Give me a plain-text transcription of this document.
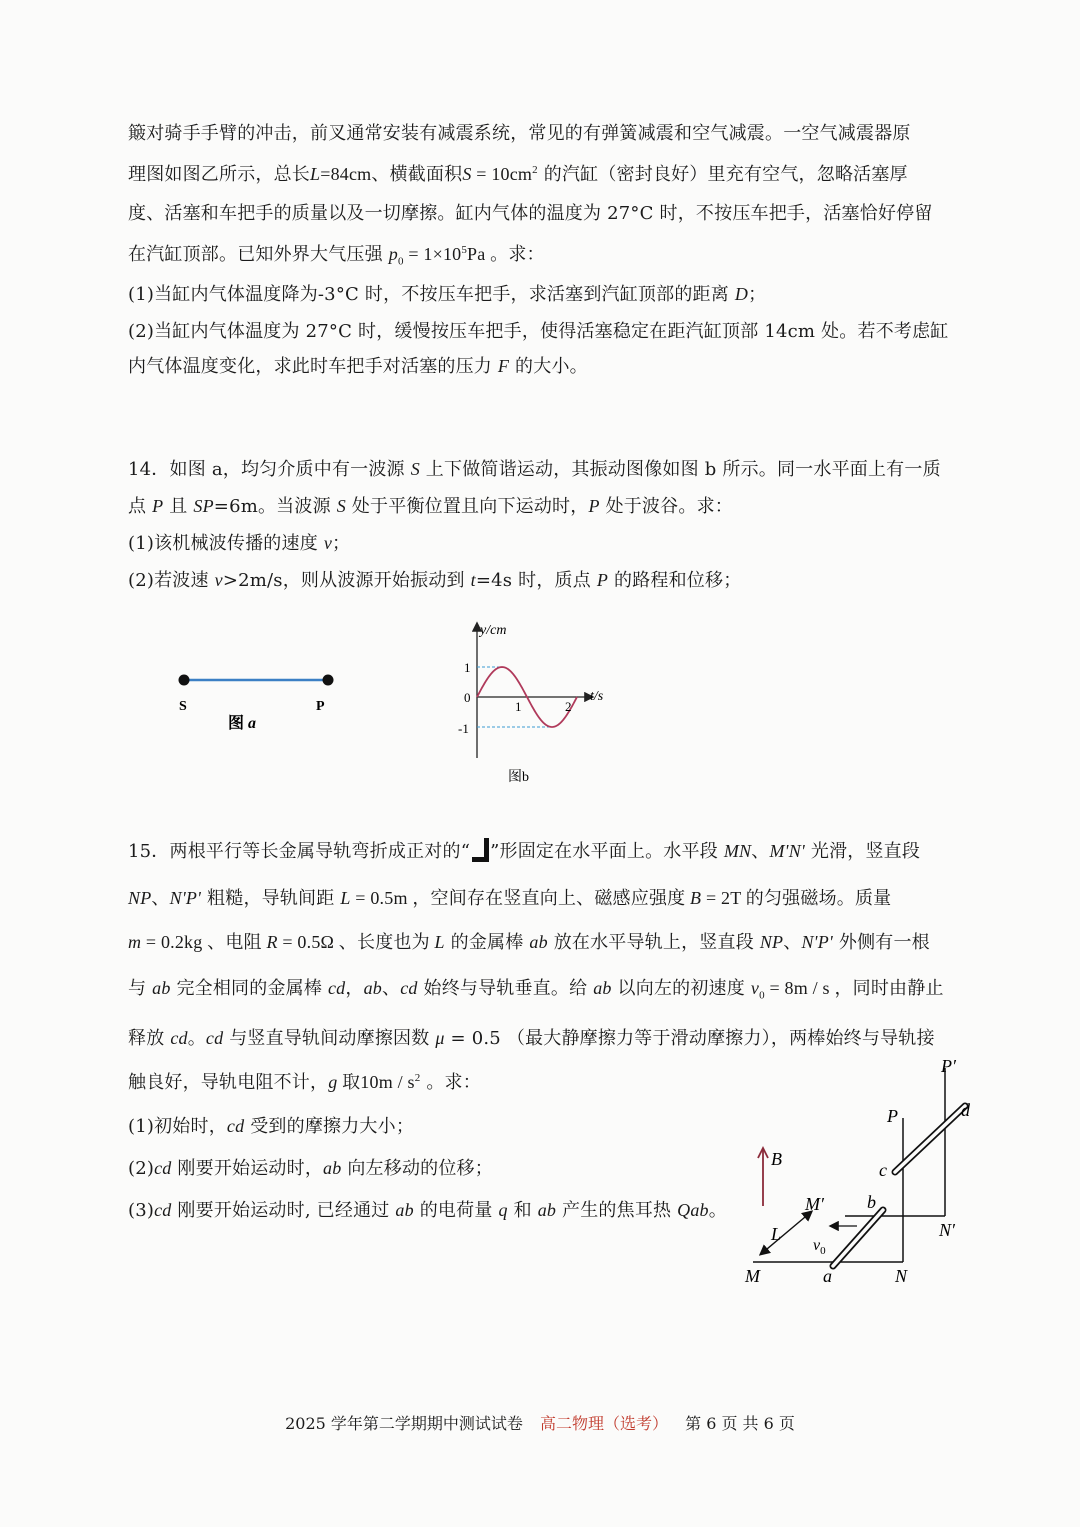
簸对骑手手臂的冲击，前叉通常安装有减震系统，常见的有弹簧减震和空气减震。一空气减震器原
理图如图乙所示，总长L=84cm、横截面积$S = 10cm^2$ 的汽缸（密封良好）里充有空气，忽略活塞厚
度、活塞和车把手的质量以及一切摩擦。缸内气体的温度为 27°C 时，不按压车把手，活塞恰好停留
在汽缸顶部。已知外界大气压强 $p_0 = 1\times 10^5Pa$ 。求：
(1)当缸内气体温度降为-3°C 时，不按压车把手，求活塞到汽缸顶部的距离 D；
(2)当缸内气体温度为 27°C 时，缓慢按压车把手，使得活塞稳定在距汽缸顶部 14cm 处。若不考虑缸
内气体温度变化，求此时车把手对活塞的压力 F 的大小。
14．如图 a，均匀介质中有一波源 S 上下做简谐运动，其振动图像如图 b 所示。同一水平面上有一质
点 P 且 SP=6m。当波源 S 处于平衡位置且向下运动时，P 处于波谷。求：
(1)该机械波传播的速度 v；
(2)若波速 v>2m/s，则从波源开始振动到 t=4s 时，质点 P 的路程和位移；
S	P
图 a
y/cm
t/s
1
0
-1
1	2
图b
15．两根平行等长金属导轨弯折成正对的“ ”形固定在水平面上。水平段 MN、M'N' 光滑，竖直段
NP、N'P' 粗糙，导轨间距 L = 0.5m ，空间存在竖直向上、磁感应强度 B = 2T 的匀强磁场。质量
m = 0.2kg 、电阻 R = 0.5Ω 、长度也为 L 的金属棒 ab 放在水平导轨上，竖直段 NP、N'P' 外侧有一根
与 ab 完全相同的金属棒 cd，ab、cd 始终与导轨垂直。给 ab 以向左的初速度 $v_0 = 8m / s$ ，同时由静止
释放 cd。cd 与竖直导轨间动摩擦因数 μ = 0.5 （最大静摩擦力等于滑动摩擦力），两棒始终与导轨接
触良好，导轨电阻不计，g 取$10m / s^2$ 。求：
(1)初始时，cd 受到的摩擦力大小；
(2)cd 刚要开始运动时，ab 向左移动的位移；
(3)cd 刚要开始运动时, 已经通过 ab 的电荷量 q 和 ab 产生的焦耳热 Qab。
P′
d
P
c
B
M′ b
N′
L
$v_0$
M	a	N
2025 学年第二学期期中测试试卷 高二物理（选考） 第 6 页 共 6 页
